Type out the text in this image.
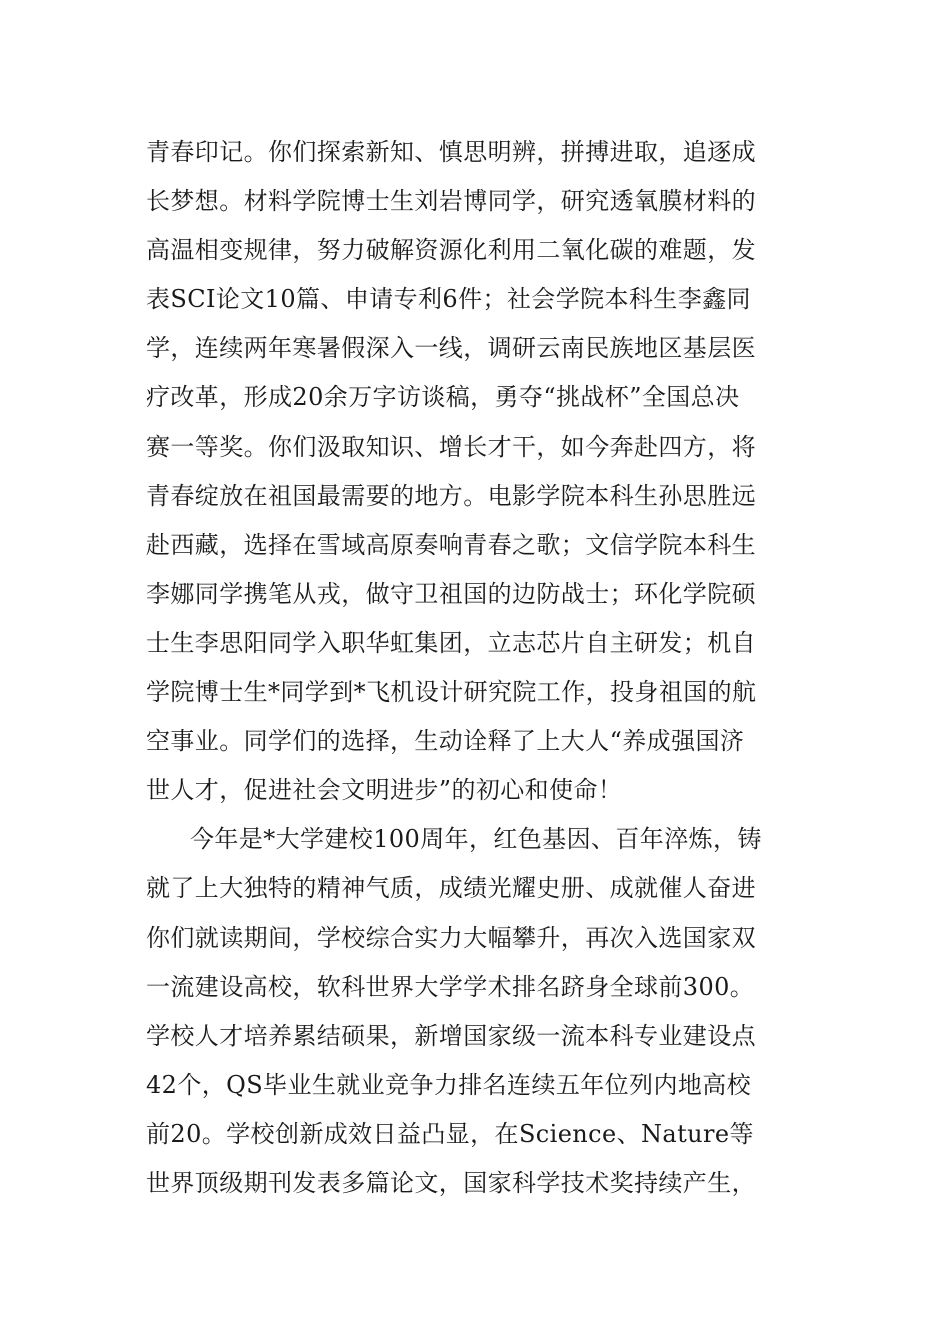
青春印记。你们探索新知、慎思明辨，拼搏进取，追逐成
长梦想。材料学院博士生刘岩博同学，研究透氧膜材料的
高温相变规律，努力破解资源化利用二氧化碳的难题，发
表SCI论文10篇、申请专利6件；社会学院本科生李鑫同
学，连续两年寒暑假深入一线，调研云南民族地区基层医
疗改革，形成20余万字访谈稿，勇夺“挑战杯”全国总决
赛一等奖。你们汲取知识、增长才干，如今奔赴四方，将
青春绽放在祖国最需要的地方。电影学院本科生孙思胜远
赴西藏，选择在雪域高原奏响青春之歌；文信学院本科生
李娜同学携笔从戎，做守卫祖国的边防战士；环化学院硕
士生李思阳同学入职华虹集团，立志芯片自主研发；机自
学院博士生*同学到*飞机设计研究院工作，投身祖国的航
空事业。同学们的选择，生动诠释了上大人“养成强国济
世人才，促进社会文明进步”的初心和使命！
今年是*大学建校100周年，红色基因、百年淬炼，铸
就了上大独特的精神气质，成绩光耀史册、成就催人奋进
你们就读期间，学校综合实力大幅攀升，再次入选国家双
一流建设高校，软科世界大学学术排名跻身全球前300。
学校人才培养累结硕果，新增国家级一流本科专业建设点
42个，QS毕业生就业竞争力排名连续五年位列内地高校
前20。学校创新成效日益凸显，在Science、Nature等
世界顶级期刊发表多篇论文，国家科学技术奖持续产生，
